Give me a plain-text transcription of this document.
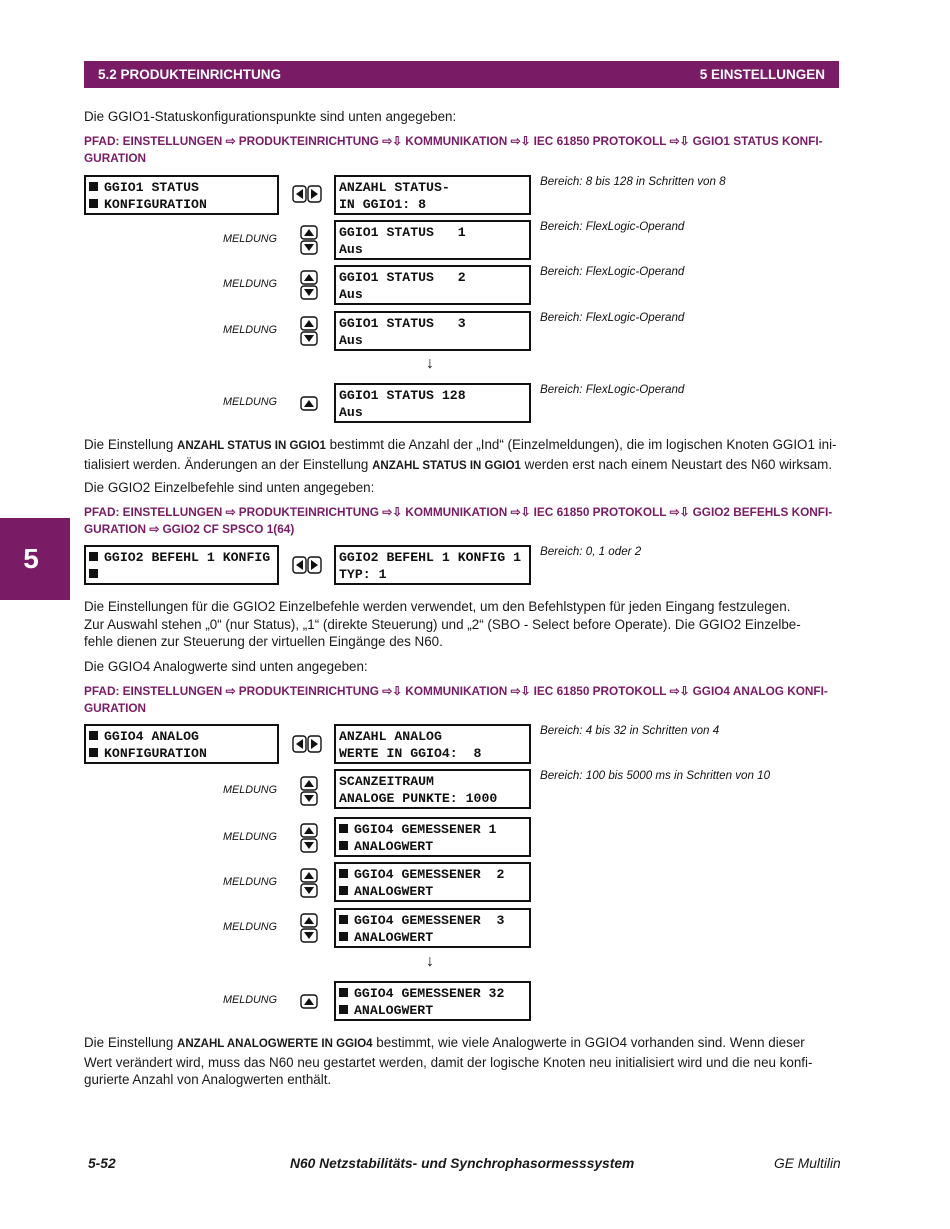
5.2 PRODUKTEINRICHTUNG	5 EINSTELLUNGEN
5
Die GGIO1-Statuskonfigurationspunkte sind unten angegeben:
PFAD: EINSTELLUNGEN ⇨ PRODUKTEINRICHTUNG ⇨⇩ KOMMUNIKATION ⇨⇩ IEC 61850 PROTOKOLL ⇨⇩ GGIO1 STATUS KONFI-
GURATION
GGIO1 STATUS
KONFIGURATION
ANZAHL STATUS-
IN GGIO1: 8
Bereich: 8 bis 128 in Schritten von 8
MELDUNG	GGIO1 STATUS   1
Aus
Bereich: FlexLogic-Operand
MELDUNG	GGIO1 STATUS   2
Aus
Bereich: FlexLogic-Operand
MELDUNG	GGIO1 STATUS   3
Aus
Bereich: FlexLogic-Operand
↓
MELDUNG	GGIO1 STATUS 128
Aus
Bereich: FlexLogic-Operand
Die Einstellung ANZAHL STATUS IN GGIO1 bestimmt die Anzahl der „Ind“ (Einzelmeldungen), die im logischen Knoten GGIO1 ini-
tialisiert werden. Änderungen an der Einstellung ANZAHL STATUS IN GGIO1 werden erst nach einem Neustart des N60 wirksam.
Die GGIO2 Einzelbefehle sind unten angegeben:
PFAD: EINSTELLUNGEN ⇨ PRODUKTEINRICHTUNG ⇨⇩ KOMMUNIKATION ⇨⇩ IEC 61850 PROTOKOLL ⇨⇩ GGIO2 BEFEHLS KONFI-
GURATION ⇨ GGIO2 CF SPSCO 1(64)
GGIO2 BEFEHL 1 KONFIG	GGIO2 BEFEHL 1 KONFIG 1
TYP: 1
Bereich: 0, 1 oder 2
Die Einstellungen für die GGIO2 Einzelbefehle werden verwendet, um den Befehlstypen für jeden Eingang festzulegen.
Zur Auswahl stehen „0“ (nur Status), „1“ (direkte Steuerung) und „2“ (SBO - Select before Operate). Die GGIO2 Einzelbe-
fehle dienen zur Steuerung der virtuellen Eingänge des N60.
Die GGIO4 Analogwerte sind unten angegeben:
PFAD: EINSTELLUNGEN ⇨ PRODUKTEINRICHTUNG ⇨⇩ KOMMUNIKATION ⇨⇩ IEC 61850 PROTOKOLL ⇨⇩ GGIO4 ANALOG KONFI-
GURATION
GGIO4 ANALOG
KONFIGURATION
ANZAHL ANALOG
WERTE IN GGIO4:  8
Bereich: 4 bis 32 in Schritten von 4
MELDUNG
SCANZEITRAUM
ANALOGE PUNKTE: 1000
Bereich: 100 bis 5000 ms in Schritten von 10
MELDUNG	GGIO4 GEMESSENER 1
ANALOGWERT
MELDUNG	GGIO4 GEMESSENER  2
ANALOGWERT
MELDUNG	GGIO4 GEMESSENER  3
ANALOGWERT
↓
MELDUNG	GGIO4 GEMESSENER 32
ANALOGWERT
Die Einstellung ANZAHL ANALOGWERTE IN GGIO4 bestimmt, wie viele Analogwerte in GGIO4 vorhanden sind. Wenn dieser
Wert verändert wird, muss das N60 neu gestartet werden, damit der logische Knoten neu initialisiert wird und die neu konfi-
gurierte Anzahl von Analogwerten enthält.
5-52	N60 Netzstabilitäts- und Synchrophasormesssystem	GE Multilin
